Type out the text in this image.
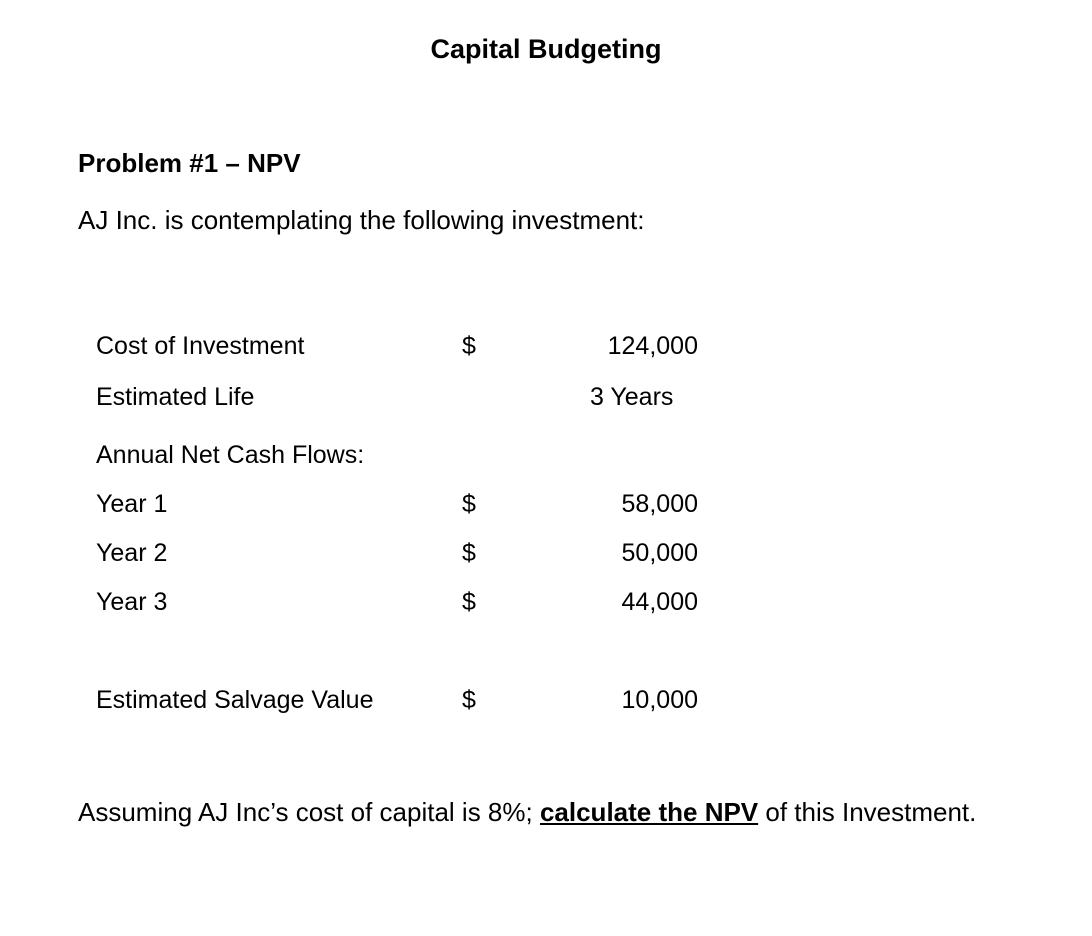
Capital Budgeting
Problem #1 – NPV
AJ Inc. is contemplating the following investment:
Cost of Investment	$	124,000
Estimated Life	3 Years
Annual Net Cash Flows:
Year 1	$	58,000
Year 2	$	50,000
Year 3	$	44,000
Estimated Salvage Value	$	10,000
Assuming AJ Inc’s cost of capital is 8%; calculate the NPV of this Investment.
